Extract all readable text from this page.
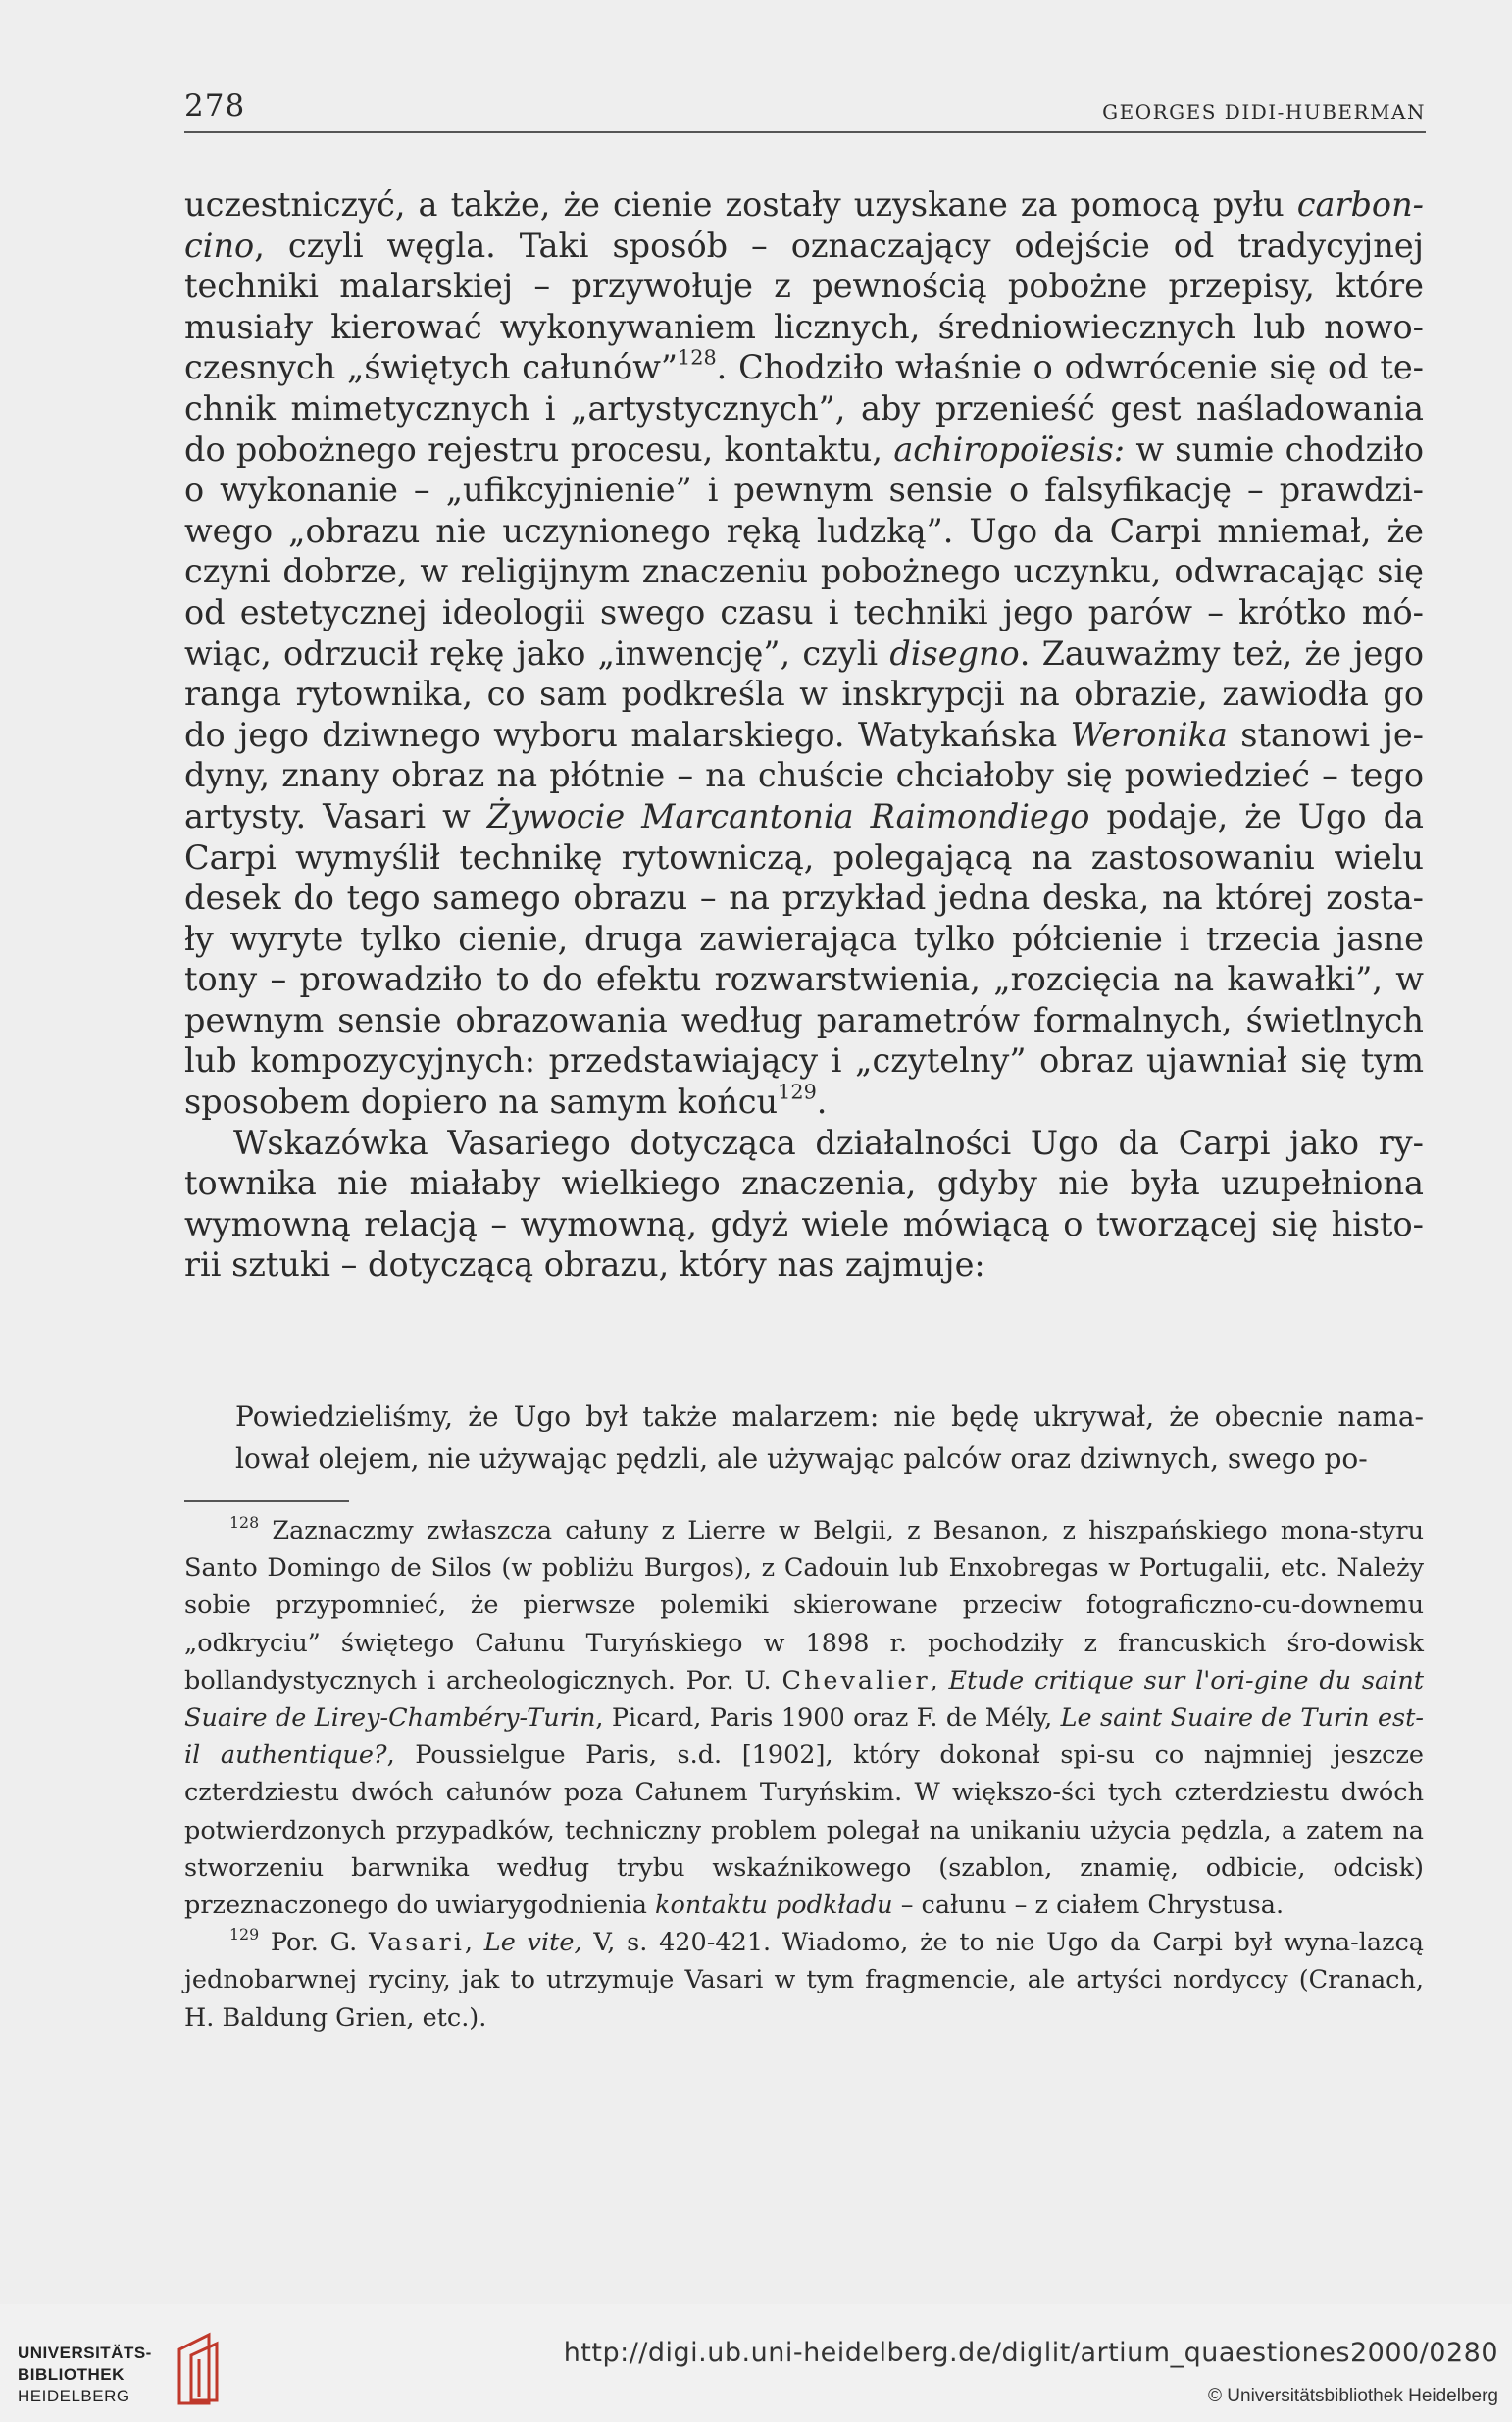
278	GEORGES DIDI-HUBERMAN

uczestniczyć, a także, że cienie zostały uzyskane za pomocą pyłu carbon-cino, czyli węgla. Taki sposób – oznaczający odejście od tradycyjnej techniki malarskiej – przywołuje z pewnością pobożne przepisy, które musiały kierować wykonywaniem licznych, średniowiecznych lub nowo-czesnych „świętych całunów”$^{128}$. Chodziło właśnie o odwrócenie się od te-chnik mimetycznych i „artystycznych”, aby przenieść gest naśladowania do pobożnego rejestru procesu, kontaktu, achiropoïesis: w sumie chodziło o wykonanie – „ufikcyjnienie” i pewnym sensie o falsyfikację – prawdzi-wego „obrazu nie uczynionego ręką ludzką”. Ugo da Carpi mniemał, że czyni dobrze, w religijnym znaczeniu pobożnego uczynku, odwracając się od estetycznej ideologii swego czasu i techniki jego parów – krótko mó-wiąc, odrzucił rękę jako „inwencję”, czyli disegno. Zauważmy też, że jego ranga rytownika, co sam podkreśla w inskrypcji na obrazie, zawiodła go do jego dziwnego wyboru malarskiego. Watykańska Weronika stanowi je-dyny, znany obraz na płótnie – na chuście chciałoby się powiedzieć – tego artysty. Vasari w Żywocie Marcantonia Raimondiego podaje, że Ugo da Carpi wymyślił technikę rytowniczą, polegającą na zastosowaniu wielu desek do tego samego obrazu – na przykład jedna deska, na której zosta-ły wyryte tylko cienie, druga zawierająca tylko półcienie i trzecia jasne tony – prowadziło to do efektu rozwarstwienia, „rozcięcia na kawałki”, w pewnym sensie obrazowania według parametrów formalnych, świetlnych lub kompozycyjnych: przedstawiający i „czytelny” obraz ujawniał się tym sposobem dopiero na samym końcu$^{129}$.

Wskazówka Vasariego dotycząca działalności Ugo da Carpi jako ry-townika nie miałaby wielkiego znaczenia, gdyby nie była uzupełniona wymowną relacją – wymowną, gdyż wiele mówiącą o tworzącej się histo-rii sztuki – dotyczącą obrazu, który nas zajmuje:

Powiedzieliśmy, że Ugo był także malarzem: nie będę ukrywał, że obecnie nama-lował olejem, nie używając pędzli, ale używając palców oraz dziwnych, swego po-

$^{128}$ Zaznaczmy zwłaszcza całuny z Lierre w Belgii, z Besanon, z hiszpańskiego mona-styru Santo Domingo de Silos (w pobliżu Burgos), z Cadouin lub Enxobregas w Portugalii, etc. Należy sobie przypomnieć, że pierwsze polemiki skierowane przeciw fotograficzno-cu-downemu „odkryciu” świętego Całunu Turyńskiego w 1898 r. pochodziły z francuskich śro-dowisk bollandystycznych i archeologicznych. Por. U. Chevalier, Etude critique sur l'ori-gine du saint Suaire de Lirey-Chambéry-Turin, Picard, Paris 1900 oraz F. de Mély, Le saint Suaire de Turin est-il authentique?, Poussielgue Paris, s.d. [1902], który dokonał spi-su co najmniej jeszcze czterdziestu dwóch całunów poza Całunem Turyńskim. W większo-ści tych czterdziestu dwóch potwierdzonych przypadków, techniczny problem polegał na unikaniu użycia pędzla, a zatem na stworzeniu barwnika według trybu wskaźnikowego (szablon, znamię, odbicie, odcisk) przeznaczonego do uwiarygodnienia kontaktu podkładu – całunu – z ciałem Chrystusa.

$^{129}$ Por. G. Vasari, Le vite, V, s. 420-421. Wiadomo, że to nie Ugo da Carpi był wyna-lazcą jednobarwnej ryciny, jak to utrzymuje Vasari w tym fragmencie, ale artyści nordyccy (Cranach, H. Baldung Grien, etc.).

UNIVERSITÄTS-
BIBLIOTHEK
HEIDELBERG
http://digi.ub.uni-heidelberg.de/diglit/artium_quaestiones2000/0280
© Universitätsbibliothek Heidelberg
